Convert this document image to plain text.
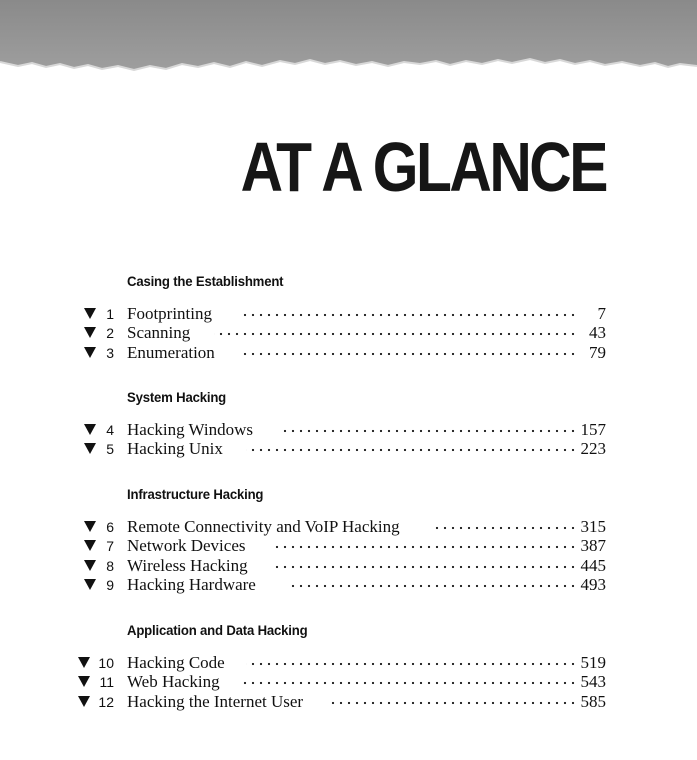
AT A GLANCE
Casing the Establishment
1 Footprinting	7
2 Scanning	43
3 Enumeration	79
System Hacking
4 Hacking Windows	157
5 Hacking Unix	223
Infrastructure Hacking
6 Remote Connectivity and VoIP Hacking	315
7 Network Devices	387
8 Wireless Hacking	445
9 Hacking Hardware	493
Application and Data Hacking
10 Hacking Code	519
11 Web Hacking	543
12 Hacking the Internet User	585
